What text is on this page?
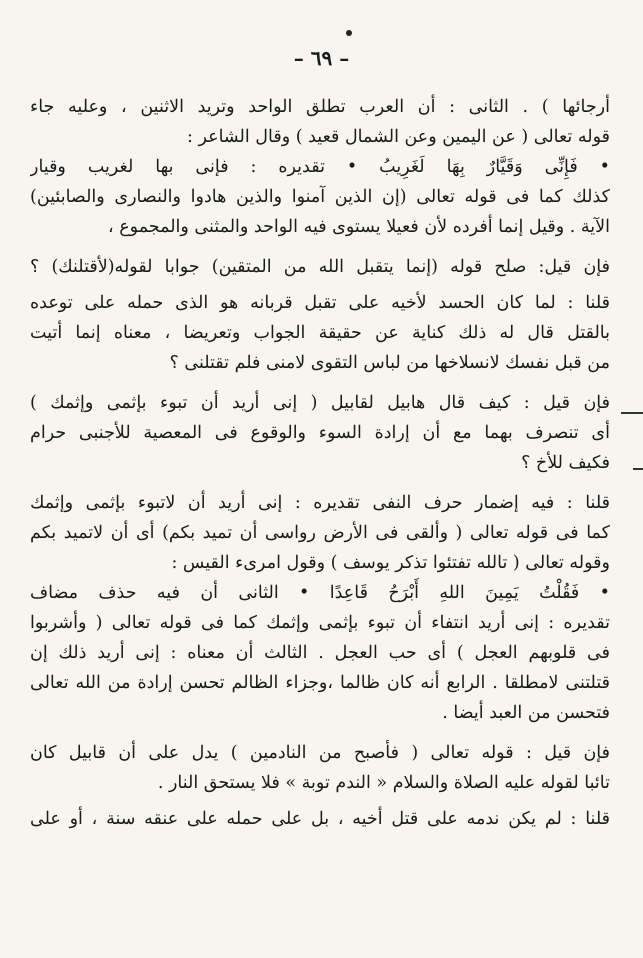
– ٦٩ –
أرجائها ) . الثانى : أن العرب تطلق الواحد وتريد الاثنين ، وعليه جاء
قوله تعالى ( عن اليمين وعن الشمال قعيد ) وقال الشاعر :
• فَإِنِّى وَقَيَّارٌ بِهَا لَغَرِيبُ • تقديره : فإنى بها لغريب وقيار
كذلك كما فى قوله تعالى (إن الذين آمنوا والذين هادوا والنصارى والصابئين)
الآية . وقيل إنما أفرده لأن فعيلا يستوى فيه الواحد والمثنى والمجموع ،
فإن قيل: صلح قوله (إنما يتقبل الله من المتقين) جوابا لقوله(لأقتلنك) ؟
قلنا : لما كان الحسد لأخيه على تقبل قربانه هو الذى حمله على توعده
بالقتل قال له ذلك كناية عن حقيقة الجواب وتعريضا ، معناه إنما أتيت
من قبل نفسك لانسلاخها من لباس التقوى لامنى فلم تقتلنى ؟
فإن قيل : كيف قال هابيل لقابيل ( إنى أريد أن تبوء بإثمى وإثمك )
أى تنصرف بهما مع أن إرادة السوء والوقوع فى المعصية للأجنبى حرام
فكيف للأخ ؟
قلنا : فيه إضمار حرف النفى تقديره : إنى أريد أن لاتبوء بإثمى وإثمك
كما فى قوله تعالى ( وألقى فى الأرض رواسى أن تميد بكم) أى أن لاتميد بكم
وقوله تعالى ( تالله تفتئوا تذكر يوسف ) وقول امرىء القيس :
• فَقُلْتُ يَمِينَ اللهِ أَبْرَحُ قَاعِدًا • الثانى أن فيه حذف مضاف
تقديره : إنى أريد انتفاء أن تبوء بإثمى وإثمك كما فى قوله تعالى ( وأشربوا
فى قلوبهم العجل ) أى حب العجل . الثالث أن معناه : إنى أريد ذلك إن
قتلتنى لامطلقا . الرابع أنه كان ظالما ،وجزاء الظالم تحسن إرادة من الله تعالى
فتحسن من العبد أيضا .
فإن قيل : قوله تعالى ( فأصبح من النادمين ) يدل على أن قابيل كان
تائبا لقوله عليه الصلاة والسلام « الندم توبة » فلا يستحق النار .
قلنا : لم يكن ندمه على قتل أخيه ، بل على حمله على عنقه سنة ، أو على
